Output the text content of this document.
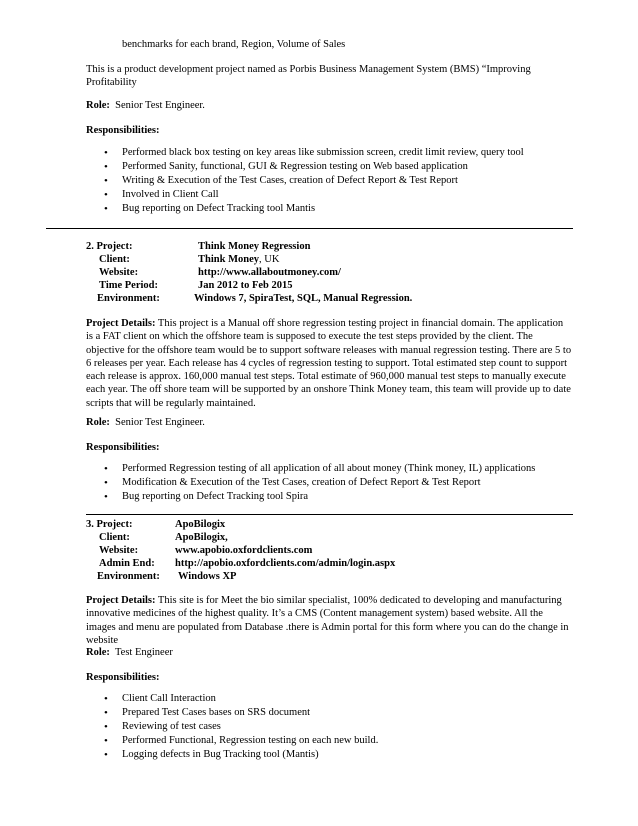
benchmarks for each brand, Region, Volume of Sales
This is a product development project named as Porbis Business Management System (BMS) “Improving Profitability
Role: Senior Test Engineer.
Responsibilities:
• Performed black box testing on key areas like submission screen, credit limit review, query tool
• Performed Sanity, functional, GUI & Regression testing on Web based application
• Writing & Execution of the Test Cases, creation of Defect Report & Test Report
• Involved in Client Call
• Bug reporting on Defect Tracking tool Mantis
2. Project:	Think Money Regression
Client:	Think Money, UK
Website:	http://www.allaboutmoney.com/
Time Period:	Jan 2012 to Feb 2015
Environment:	Windows 7, SpiraTest, SQL, Manual Regression.
Project Details: This project is a Manual off shore regression testing project in financial domain. The application is a FAT client on which the offshore team is supposed to execute the test steps provided by the client. The objective for the offshore team would be to support software releases with manual regression testing. There are 5 to 6 releases per year. Each release has 4 cycles of regression testing to support. Total estimated step count to support each release is approx. 160,000 manual test steps. Total estimate of 960,000 manual test steps to manually execute each year. The off shore team will be supported by an onshore Think Money team, this team will provide up to date scripts that will be regularly maintained.
Role: Senior Test Engineer.
Responsibilities:
• Performed Regression testing of all application of all about money (Think money, IL) applications
• Modification & Execution of the Test Cases, creation of Defect Report & Test Report
• Bug reporting on Defect Tracking tool Spira
3. Project:	ApoBilogix
Client:	ApoBilogix,
Website:	www.apobio.oxfordclients.com
Admin End: http://apobio.oxfordclients.com/admin/login.aspx
Environment: Windows XP
Project Details: This site is for Meet the bio similar specialist, 100% dedicated to developing and manufacturing innovative medicines of the highest quality. It’s a CMS (Content management system) based website. All the images and menu are populated from Database .there is Admin portal for this form where you can do the change in website
Role: Test Engineer
Responsibilities:
• Client Call Interaction
• Prepared Test Cases bases on SRS document
• Reviewing of test cases
• Performed Functional, Regression testing on each new build.
• Logging defects in Bug Tracking tool (Mantis)
